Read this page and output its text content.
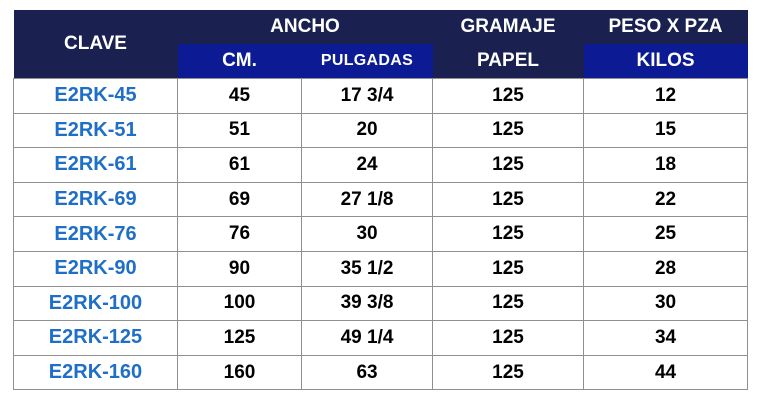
CLAVE	ANCHO		GRAMAJE	PESO X PZA
	CM.	PULGADAS	PAPEL	KILOS
E2RK-45	45	17 3/4	125	12
E2RK-51	51	20	125	15
E2RK-61	61	24	125	18
E2RK-69	69	27 1/8	125	22
E2RK-76	76	30	125	25
E2RK-90	90	35 1/2	125	28
E2RK-100	100	39 3/8	125	30
E2RK-125	125	49 1/4	125	34
E2RK-160	160	63	125	44
